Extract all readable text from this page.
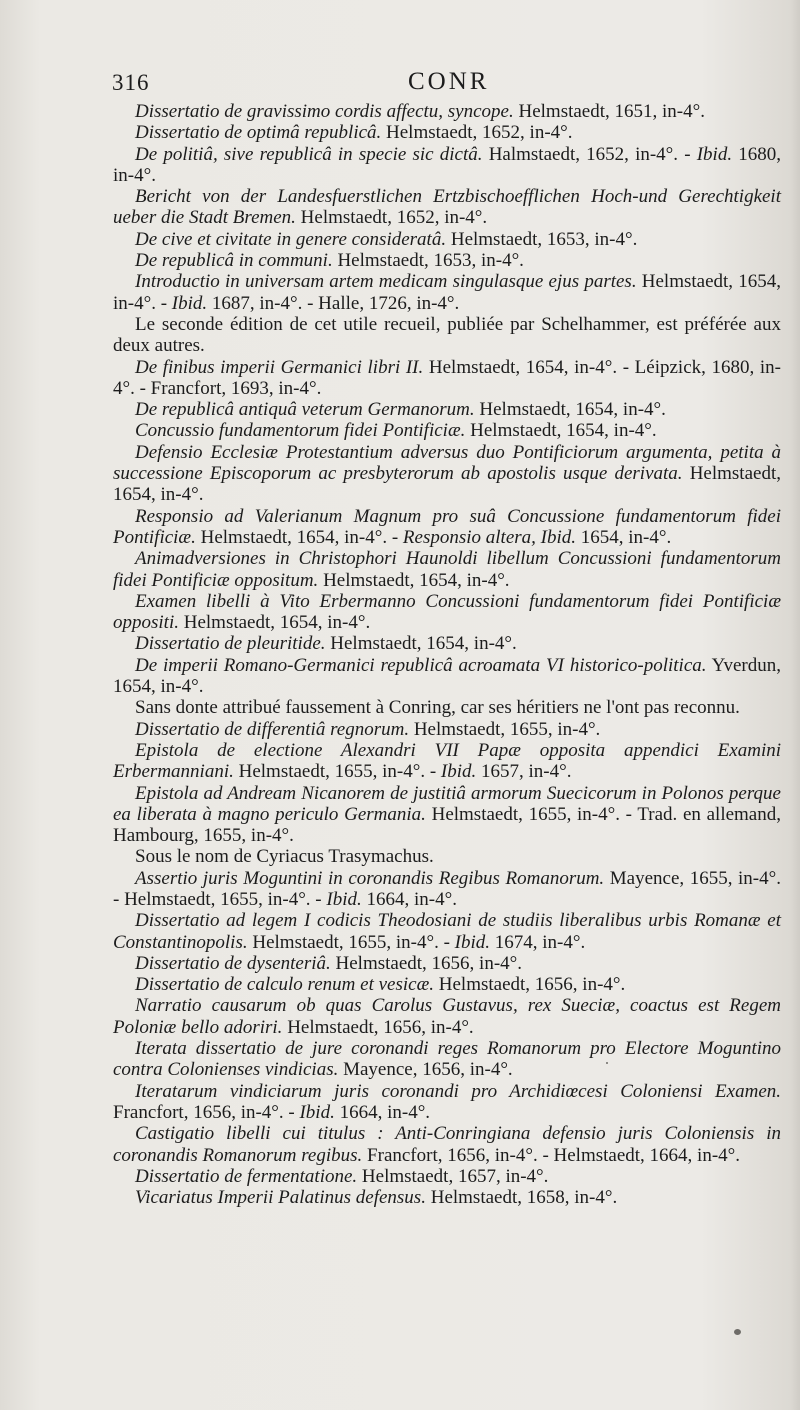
316	CONR

Dissertatio de gravissimo cordis affectu, syncope. Helmstaedt, 1651, in-4°.

Dissertatio de optimâ republicâ. Helmstaedt, 1652, in-4°.

De politiâ, sive republicâ in specie sic dictâ. Halmstaedt, 1652, in-4°. - Ibid. 1680, in-4°.

Bericht von der Landesfuerstlichen Ertzbischoefflichen Hoch-und Gerechtigkeit ueber die Stadt Bremen. Helmstaedt, 1652, in-4°.

De cive et civitate in genere consideratâ. Helmstaedt, 1653, in-4°.

De republicâ in communi. Helmstaedt, 1653, in-4°.

Introductio in universam artem medicam singulasque ejus partes. Helmstaedt, 1654, in-4°. - Ibid. 1687, in-4°. - Halle, 1726, in-4°.

Le seconde édition de cet utile recueil, publiée par Schelhammer, est préférée aux deux autres.

De finibus imperii Germanici libri II. Helmstaedt, 1654, in-4°. - Léipzick, 1680, in-4°. - Francfort, 1693, in-4°.

De republicâ antiquâ veterum Germanorum. Helmstaedt, 1654, in-4°.

Concussio fundamentorum fidei Pontificiæ. Helmstaedt, 1654, in-4°.

Defensio Ecclesiæ Protestantium adversus duo Pontificiorum argumenta, petita à successione Episcoporum ac presbyterorum ab apostolis usque derivata. Helmstaedt, 1654, in-4°.

Responsio ad Valerianum Magnum pro suâ Concussione fundamentorum fidei Pontificiæ. Helmstaedt, 1654, in-4°. - Responsio altera, Ibid. 1654, in-4°.

Animadversiones in Christophori Haunoldi libellum Concussioni fundamentorum fidei Pontificiæ oppositum. Helmstaedt, 1654, in-4°.

Examen libelli à Vito Erbermanno Concussioni fundamentorum fidei Pontificiæ oppositi. Helmstaedt, 1654, in-4°.

Dissertatio de pleuritide. Helmstaedt, 1654, in-4°.

De imperii Romano-Germanici republicâ acroamata VI historico-politica. Yverdun, 1654, in-4°.

Sans donte attribué faussement à Conring, car ses héritiers ne l'ont pas reconnu.

Dissertatio de differentiâ regnorum. Helmstaedt, 1655, in-4°.

Epistola de electione Alexandri VII Papæ opposita appendici Examini Erbermanniani. Helmstaedt, 1655, in-4°. - Ibid. 1657, in-4°.

Epistola ad Andream Nicanorem de justitiâ armorum Suecicorum in Polonos perque ea liberata à magno periculo Germania. Helmstaedt, 1655, in-4°. - Trad. en allemand, Hambourg, 1655, in-4°.

Sous le nom de Cyriacus Trasymachus.

Assertio juris Moguntini in coronandis Regibus Romanorum. Mayence, 1655, in-4°. - Helmstaedt, 1655, in-4°. - Ibid. 1664, in-4°.

Dissertatio ad legem I codicis Theodosiani de studiis liberalibus urbis Romanæ et Constantinopolis. Helmstaedt, 1655, in-4°. - Ibid. 1674, in-4°.

Dissertatio de dysenteriâ. Helmstaedt, 1656, in-4°.

Dissertatio de calculo renum et vesicæ. Helmstaedt, 1656, in-4°.

Narratio causarum ob quas Carolus Gustavus, rex Sueciæ, coactus est Regem Poloniæ bello adoriri. Helmstaedt, 1656, in-4°.

Iterata dissertatio de jure coronandi reges Romanorum pro Electore Moguntino contra Colonienses vindicias. Mayence, 1656, in-4°.

Iteratarum vindiciarum juris coronandi pro Archidiœcesi Coloniensi Examen. Francfort, 1656, in-4°. - Ibid. 1664, in-4°.

Castigatio libelli cui titulus : Anti-Conringiana defensio juris Coloniensis in coronandis Romanorum regibus. Francfort, 1656, in-4°. - Helmstaedt, 1664, in-4°.

Dissertatio de fermentatione. Helmstaedt, 1657, in-4°.

Vicariatus Imperii Palatinus defensus. Helmstaedt, 1658, in-4°.
